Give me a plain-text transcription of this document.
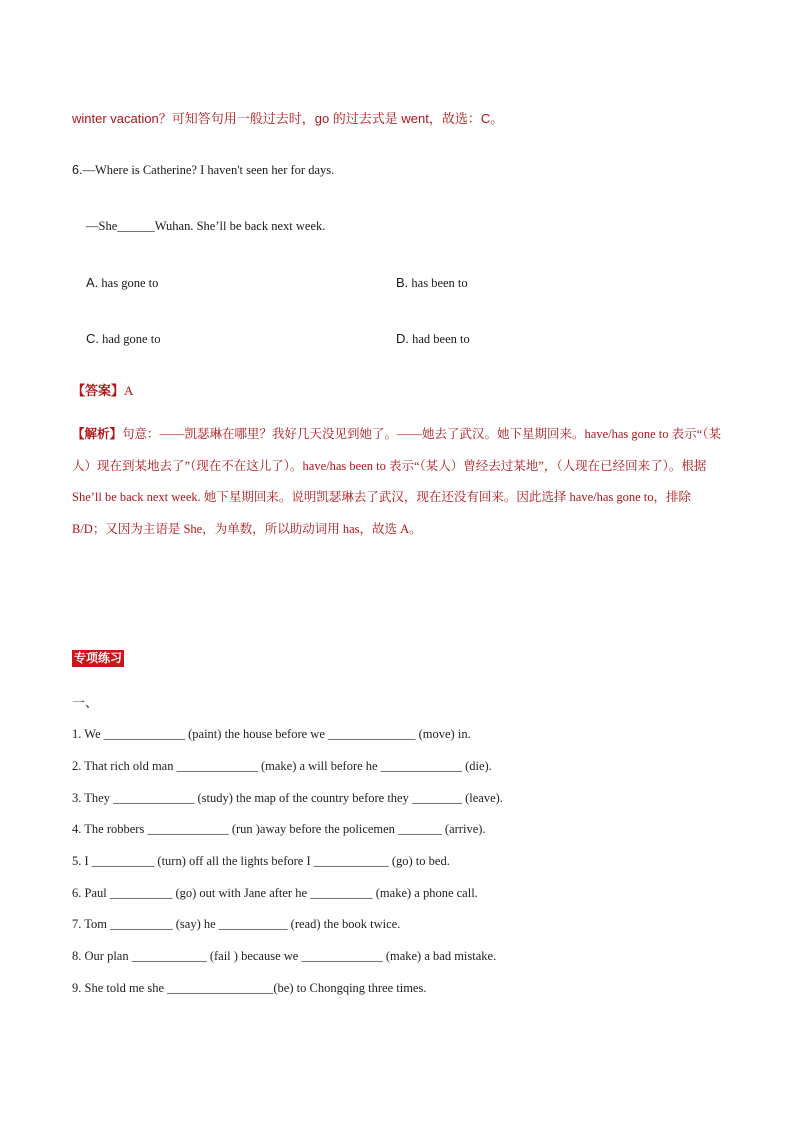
winter vacation？可知答句用一般过去时，go 的过去式是 went，故选：C。
6.—Where is Catherine? I haven't seen her for days.
—She______Wuhan. She’ll be back next week.
A. has gone to	B. has been to
C. had gone to	D. had been to
【答案】A
【解析】句意：——凯瑟琳在哪里？我好几天没见到她了。——她去了武汉。她下星期回来。have/has gone to 表示“（某人）现在到某地去了”（现在不在这儿了）。have/has been to 表示“（某人）曾经去过某地”，（人现在已经回来了）。根据 She’ll be back next week. 她下星期回来。说明凯瑟琳去了武汉，现在还没有回来。因此选择 have/has gone to，排除 B/D；又因为主语是 She，为单数，所以助动词用 has，故选 A。
专项练习
一、
1. We _____________ (paint) the house before we ______________ (move) in.
2. That rich old man _____________ (make) a will before he _____________ (die).
3. They _____________ (study) the map of the country before they ________ (leave).
4. The robbers _____________ (run )away before the policemen _______ (arrive).
5. I __________ (turn) off all the lights before I ____________ (go) to bed.
6. Paul __________ (go) out with Jane after he __________ (make) a phone call.
7. Tom __________ (say) he ___________ (read) the book twice.
8. Our plan ____________ (fail ) because we _____________ (make) a bad mistake.
9. She told me she _________________(be) to Chongqing three times.
